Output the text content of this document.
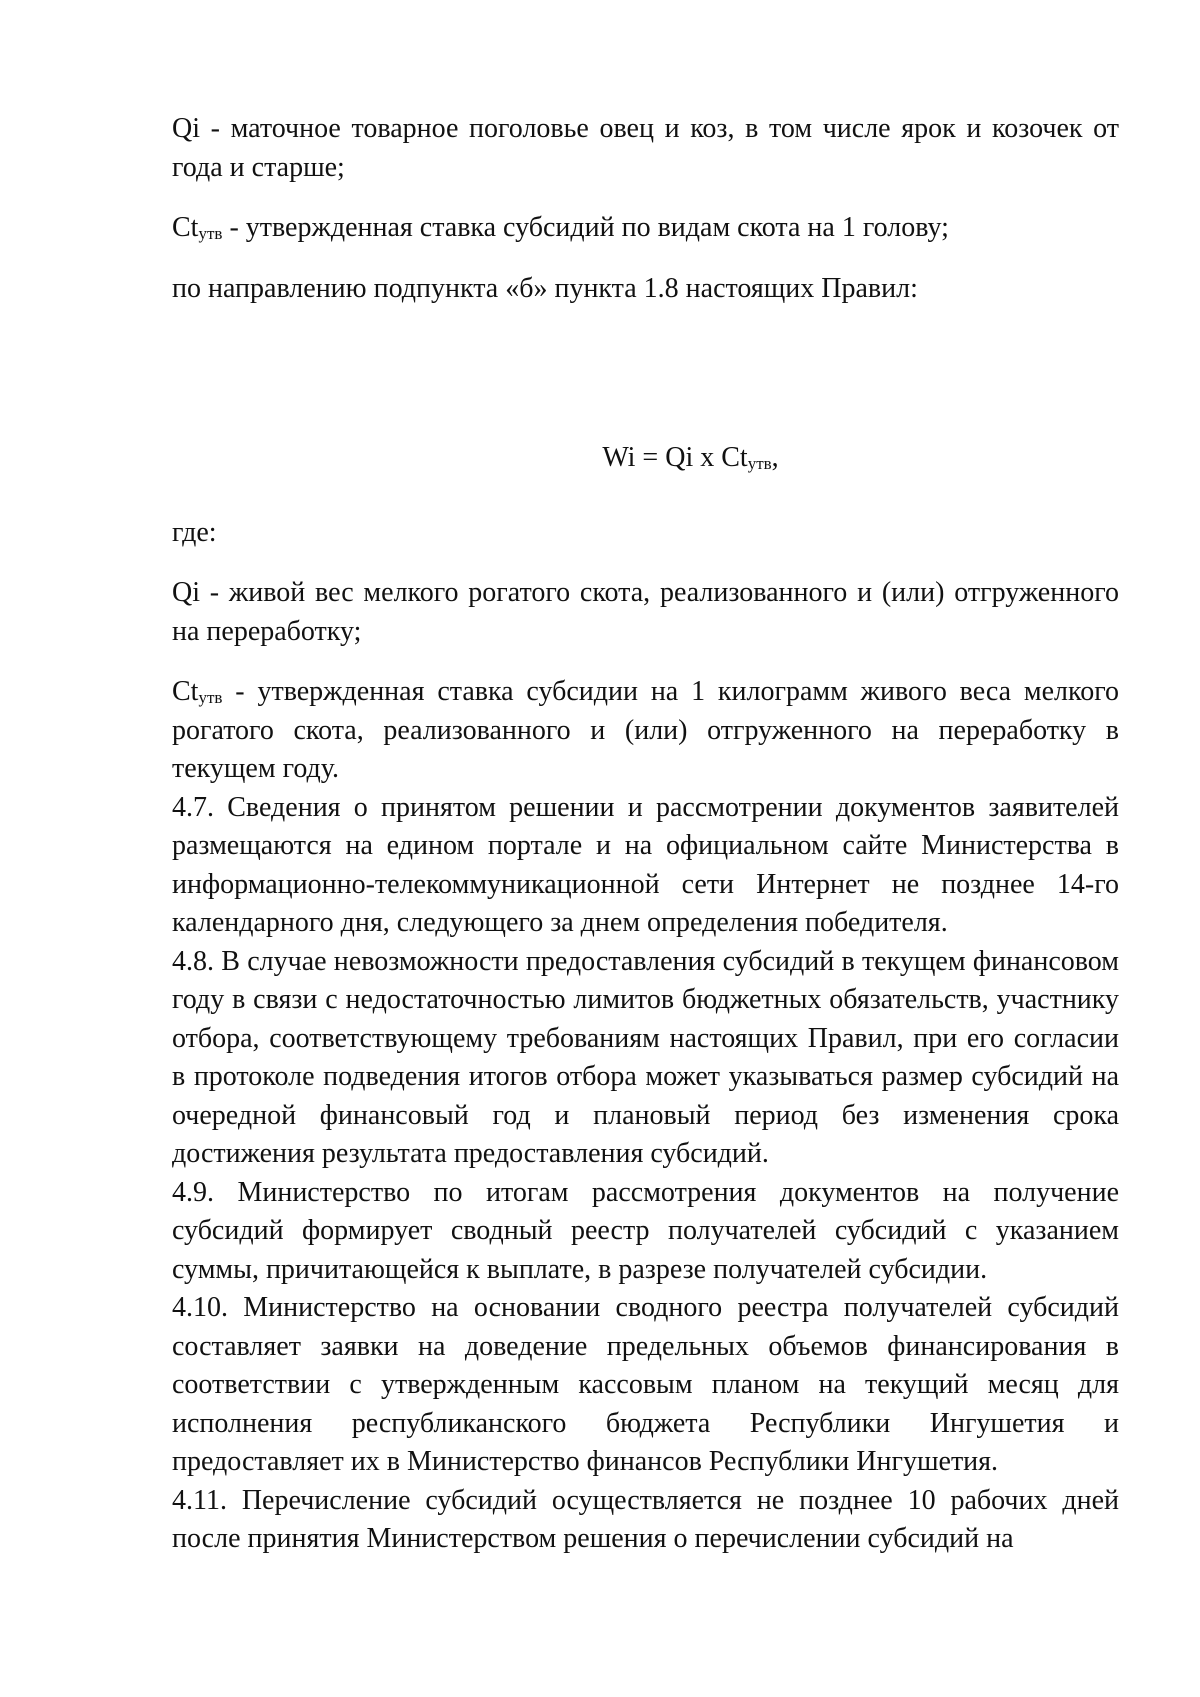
Qi - маточное товарное поголовье овец и коз, в том числе ярок и козочек от года и старше;

$Ct_{утв}$ - утвержденная ставка субсидий по видам скота на 1 голову;

по направлению подпункта «б» пункта 1.8 настоящих Правил:

Wi = Qi x $Ct_{утв}$,

где:

Qi - живой вес мелкого рогатого скота, реализованного и (или) отгруженного на переработку;

$Ct_{утв}$ - утвержденная ставка субсидии на 1 килограмм живого веса мелкого рогатого скота, реализованного и (или) отгруженного на переработку в текущем году.

4.7. Сведения о принятом решении и рассмотрении документов заявителей размещаются на едином портале и на официальном сайте Министерства в информационно-телекоммуникационной сети Интернет не позднее 14-го календарного дня, следующего за днем определения победителя.

4.8. В случае невозможности предоставления субсидий в текущем финансовом году в связи с недостаточностью лимитов бюджетных обязательств, участнику отбора, соответствующему требованиям настоящих Правил, при его согласии в протоколе подведения итогов отбора может указываться размер субсидий на очередной финансовый год и плановый период без изменения срока достижения результата предоставления субсидий.

4.9. Министерство по итогам рассмотрения документов на получение субсидий формирует сводный реестр получателей субсидий с указанием суммы, причитающейся к выплате, в разрезе получателей субсидии.

4.10. Министерство на основании сводного реестра получателей субсидий составляет заявки на доведение предельных объемов финансирования в соответствии с утвержденным кассовым планом на текущий месяц для исполнения республиканского бюджета Республики Ингушетия и предоставляет их в Министерство финансов Республики Ингушетия.

4.11. Перечисление субсидий осуществляется не позднее 10 рабочих дней после принятия Министерством решения о перечислении субсидий на
